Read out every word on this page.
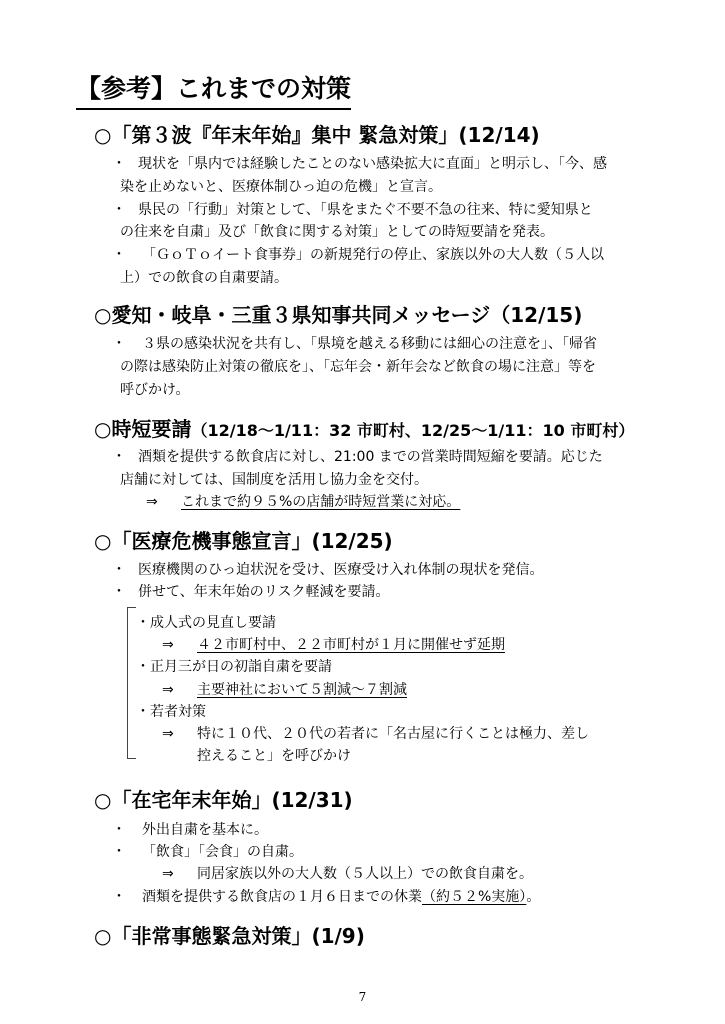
【参考】これまでの対策
○「第３波『年末年始』集中 緊急対策」(12/14)
・ 現状を「県内では経験したことのない感染拡大に直面」と明示し、「今、感
染を止めないと、医療体制ひっ迫の危機」と宣言。
・ 県民の「行動」対策として、「県をまたぐ不要不急の往来、特に愛知県と
の往来を自粛」及び「飲食に関する対策」としての時短要請を発表。
・ 「ＧｏＴｏイート食事券」の新規発行の停止、家族以外の大人数（５人以
上）での飲食の自粛要請。
○愛知・岐阜・三重３県知事共同メッセージ（12/15)
・ ３県の感染状況を共有し、「県境を越える移動には細心の注意を」、「帰省
の際は感染防止対策の徹底を」、「忘年会・新年会など飲食の場に注意」等を
呼びかけ。
○時短要請（12/18～1/11：32 市町村、12/25～1/11：10 市町村）
・ 酒類を提供する飲食店に対し、21:00 までの営業時間短縮を要請。応じた
店舗に対しては、国制度を活用し協力金を交付。
⇒ これまで約９５%の店舗が時短営業に対応。
○「医療危機事態宣言」(12/25)
・ 医療機関のひっ迫状況を受け、医療受け入れ体制の現状を発信。
・ 併せて、年末年始のリスク軽減を要請。
・成人式の見直し要請
⇒ ４２市町村中、２２市町村が１月に開催せず延期
・正月三が日の初詣自粛を要請
⇒ 主要神社において５割減～７割減
・若者対策
⇒ 特に１０代、２０代の若者に「名古屋に行くことは極力、差し
控えること」を呼びかけ
○「在宅年末年始」(12/31)
・ 外出自粛を基本に。
・ 「飲食」「会食」の自粛。
⇒ 同居家族以外の大人数（５人以上）での飲食自粛を。
・ 酒類を提供する飲食店の１月６日までの休業（約５２%実施）。
○「非常事態緊急対策」(1/9)
7
